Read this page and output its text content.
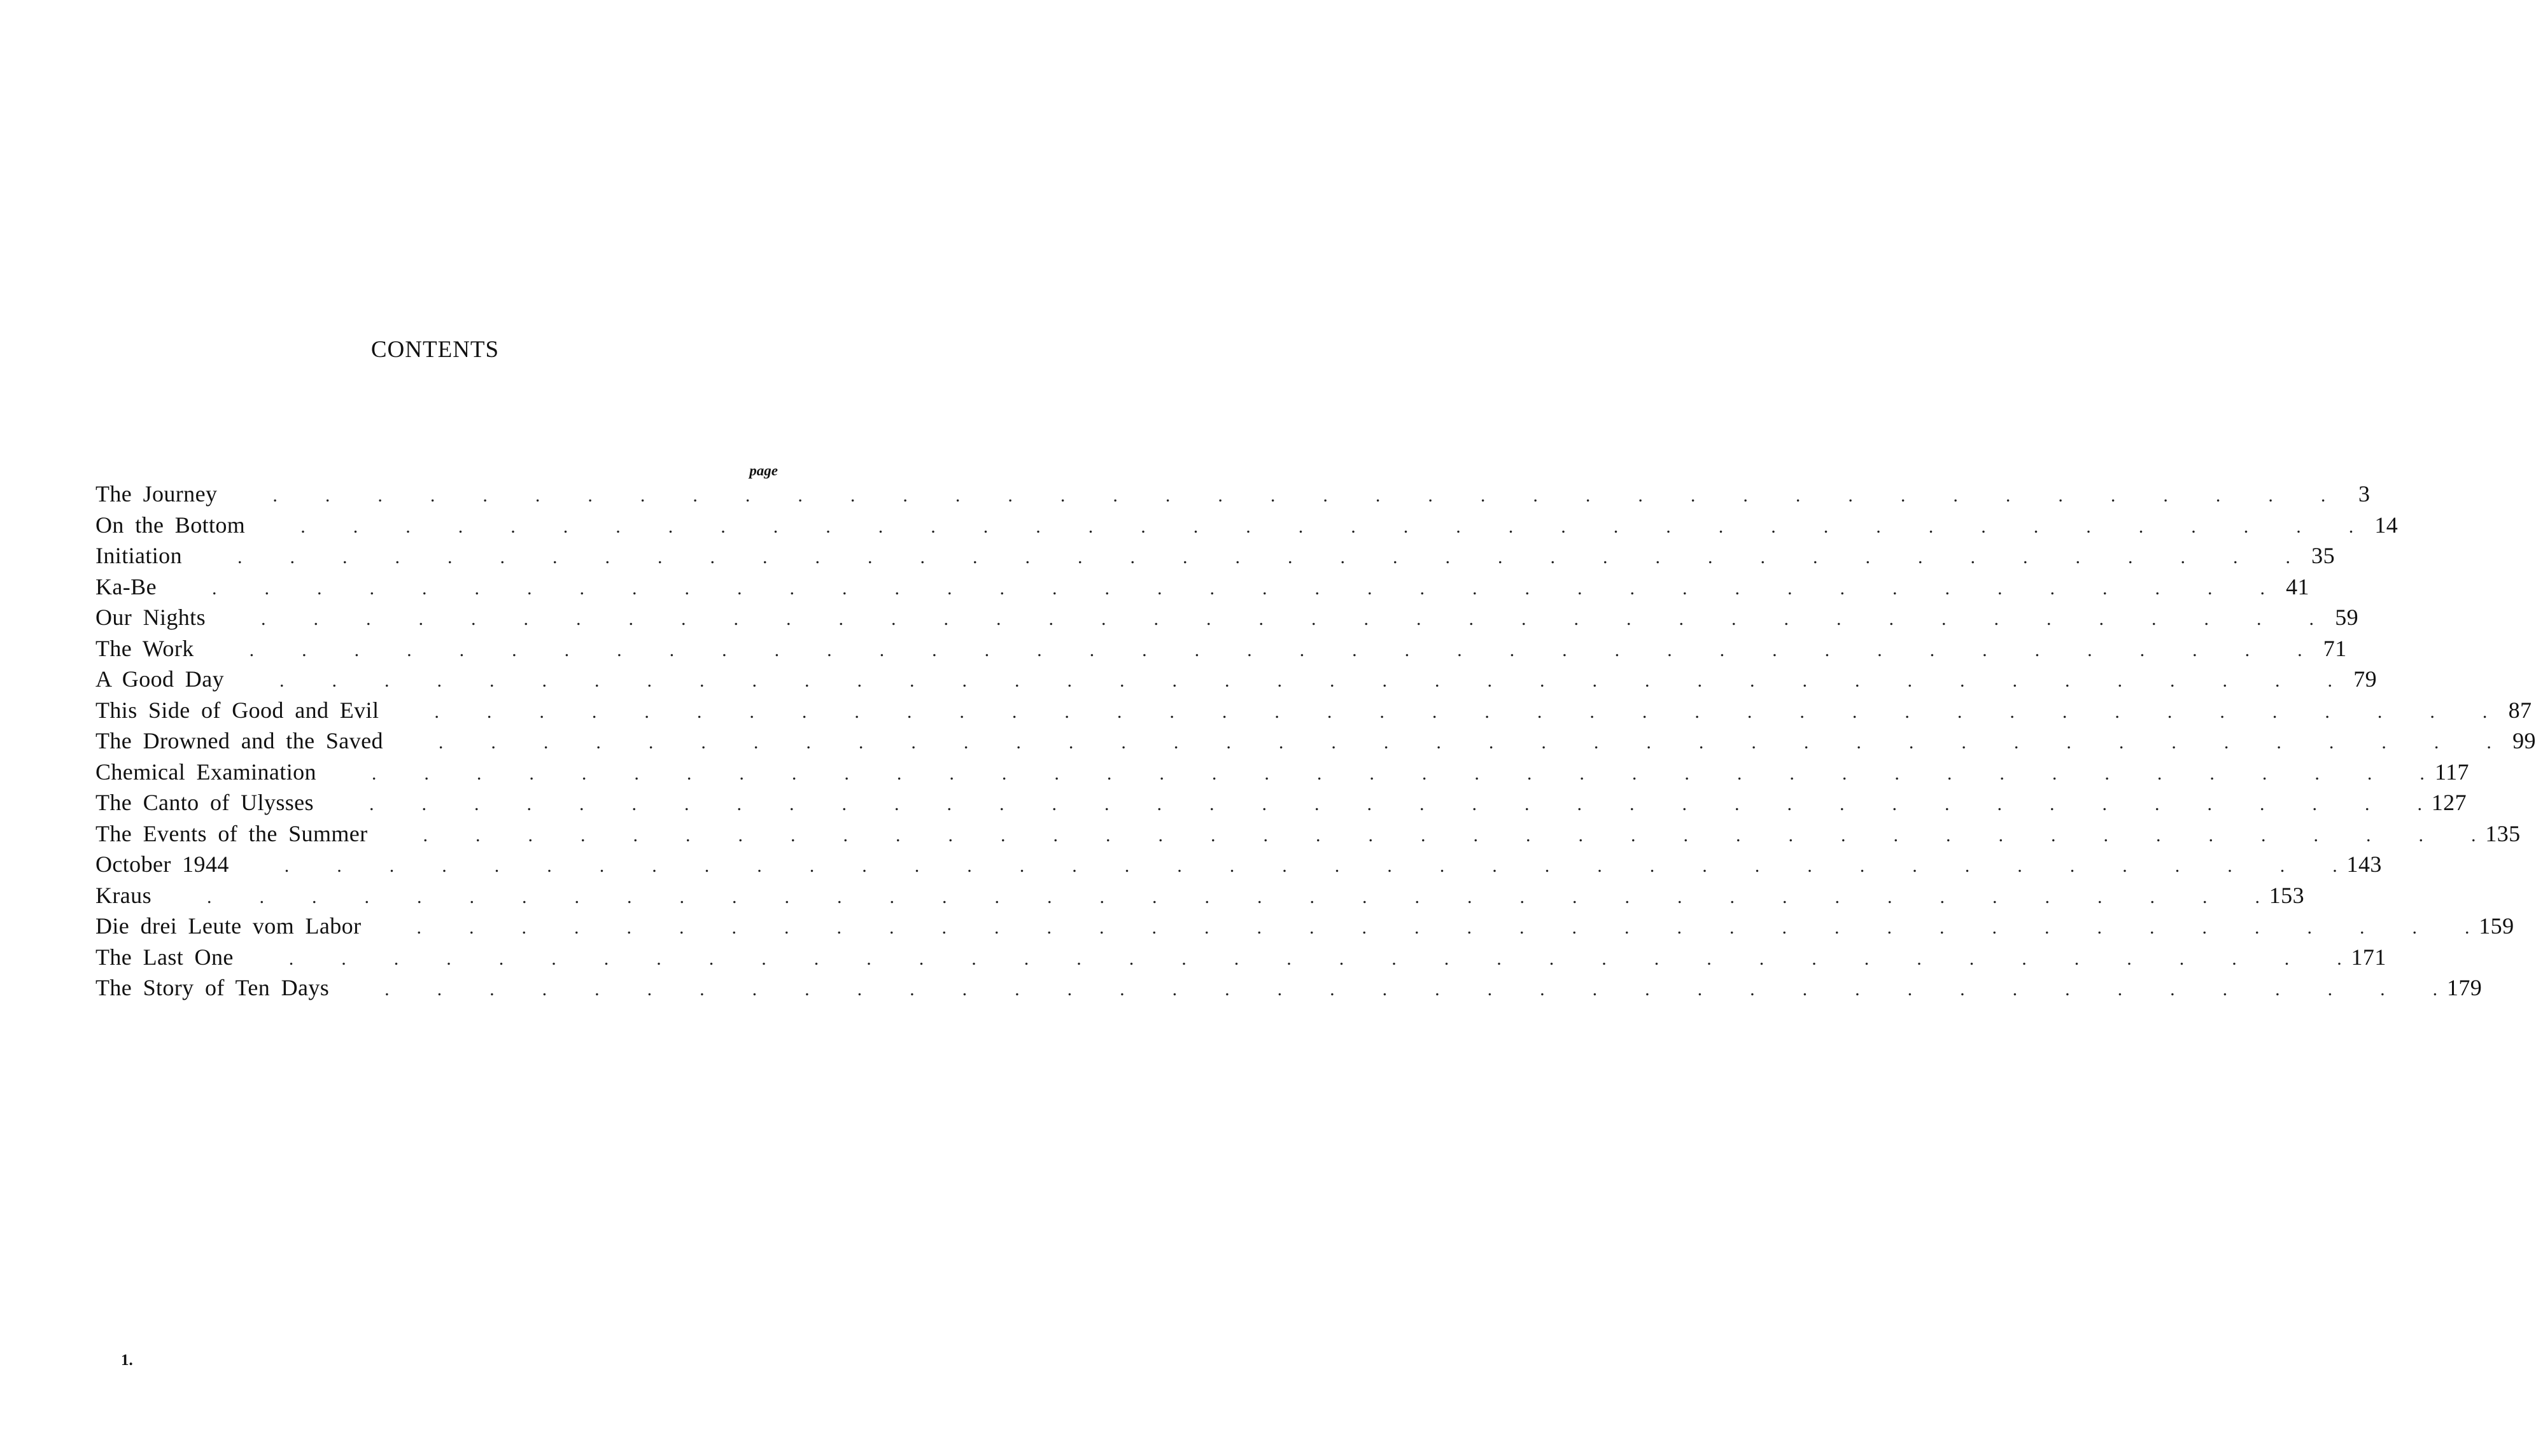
CONTENTS
page
The Journey .     .     .     .     .     .     .     .     .     .     .     .     .     .     .     .     .     .     .     .     .     .     .     .     .     .     .     .     .     .     .     .     .     .     .     .     .     .     .     .     	3
On the Bottom .     .     .     .     .     .     .     .     .     .     .     .     .     .     .     .     .     .     .     .     .     .     .     .     .     .     .     .     .     .     .     .     .     .     .     .     .     .     .     .      14
Initiation .     .     .     .     .     .     .     .     .     .     .     .     .     .     .     .     .     .     .     .     .     .     .     .     .     .     .     .     .     .     .     .     .     .     .     .     .     .     .     .      35
Ka-Be .     .     .     .     .     .     .     .     .     .     .     .     .     .     .     .     .     .     .     .     .     .     .     .     .     .     .     .     .     .     .     .     .     .     .     .     .     .     .     .      41
Our Nights .     .     .     .     .     .     .     .     .     .     .     .     .     .     .     .     .     .     .     .     .     .     .     .     .     .     .     .     .     .     .     .     .     .     .     .     .     .     .     .      59
The Work .     .     .     .     .     .     .     .     .     .     .     .     .     .     .     .     .     .     .     .     .     .     .     .     .     .     .     .     .     .     .     .     .     .     .     .     .     .     .     .      71
A Good Day .     .     .     .     .     .     .     .     .     .     .     .     .     .     .     .     .     .     .     .     .     .     .     .     .     .     .     .     .     .     .     .     .     .     .     .     .     .     .     .      79
This Side of Good and Evil .     .     .     .     .     .     .     .     .     .     .     .     .     .     .     .     .     .     .     .     .     .     .     .     .     .     .     .     .     .     .     .     .     .     .     .     .     .     .     .      87
The Drowned and the Saved .     .     .     .     .     .     .     .     .     .     .     .     .     .     .     .     .     .     .     .     .     .     .     .     .     .     .     .     .     .     .     .     .     .     .     .     .     .     .     .      99
Chemical Examination .     .     .     .     .     .     .     .     .     .     .     .     .     .     .     .     .     .     .     .     .     .     .     .     .     .     .     .     .     .     .     .     .     .     .     .     .     .     .     .      117
The Canto of Ulysses .     .     .     .     .     .     .     .     .     .     .     .     .     .     .     .     .     .     .     .     .     .     .     .     .     .     .     .     .     .     .     .     .     .     .     .     .     .     .     .      127
The Events of the Summer .     .     .     .     .     .     .     .     .     .     .     .     .     .     .     .     .     .     .     .     .     .     .     .     .     .     .     .     .     .     .     .     .     .     .     .     .     .     .     .      135
October 1944 .     .     .     .     .     .     .     .     .     .     .     .     .     .     .     .     .     .     .     .     .     .     .     .     .     .     .     .     .     .     .     .     .     .     .     .     .     .     .     .      143
Kraus .     .     .     .     .     .     .     .     .     .     .     .     .     .     .     .     .     .     .     .     .     .     .     .     .     .     .     .     .     .     .     .     .     .     .     .     .     .     .     .      153
Die drei Leute vom Labor .     .     .     .     .     .     .     .     .     .     .     .     .     .     .     .     .     .     .     .     .     .     .     .     .     .     .     .     .     .     .     .     .     .     .     .     .     .     .     .      159
The Last One .     .     .     .     .     .     .     .     .     .     .     .     .     .     .     .     .     .     .     .     .     .     .     .     .     .     .     .     .     .     .     .     .     .     .     .     .     .     .     .      171
The Story of Ten Days .     .     .     .     .     .     .     .     .     .     .     .     .     .     .     .     .     .     .     .     .     .     .     .     .     .     .     .     .     .     .     .     .     .     .     .     .     .     .     .      179
1.
